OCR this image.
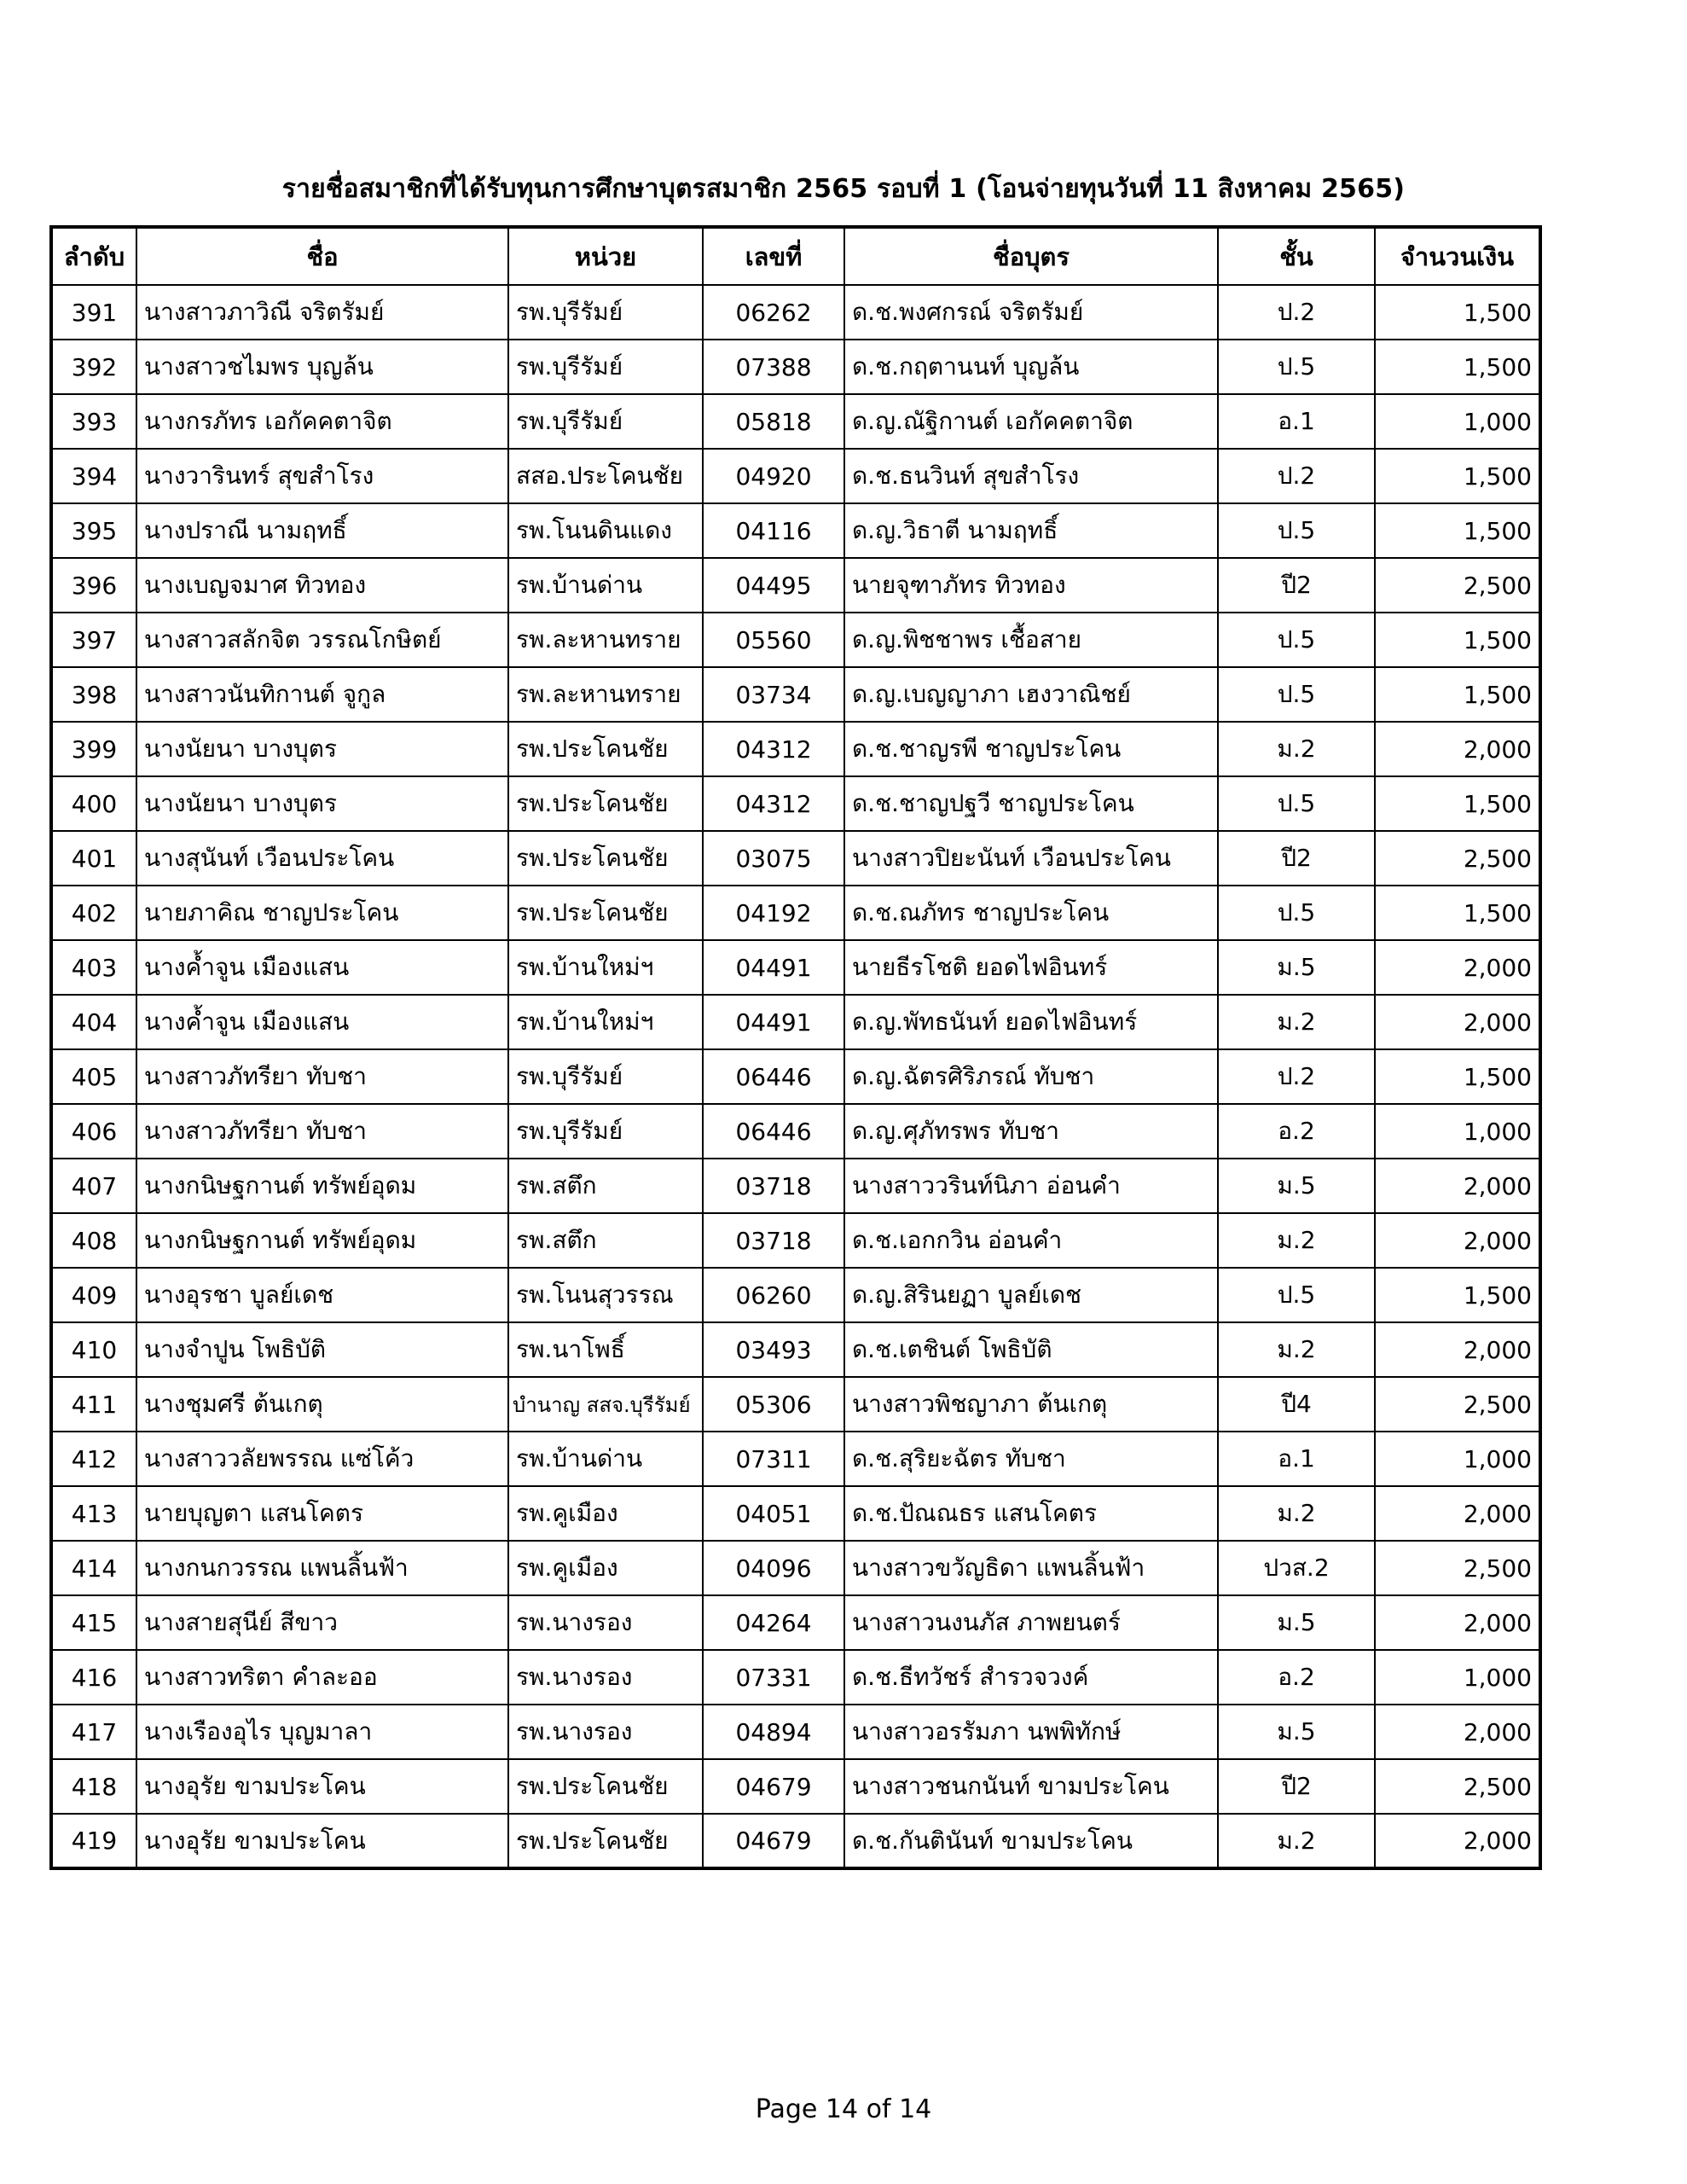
รายชื่อสมาชิกที่ได้รับทุนการศึกษาบุตรสมาชิก 2565 รอบที่ 1 (โอนจ่ายทุนวันที่ 11 สิงหาคม 2565)
ลำดับ	ชื่อ	หน่วย	เลขที่	ชื่อบุตร	ชั้น	จำนวนเงิน
391	นางสาวภาวิณี จริตรัมย์	รพ.บุรีรัมย์	06262	ด.ช.พงศกรณ์ จริตรัมย์	ป.2	1,500
392	นางสาวชไมพร บุญล้น	รพ.บุรีรัมย์	07388	ด.ช.กฤตานนท์ บุญล้น	ป.5	1,500
393	นางกรภัทร เอกัคคตาจิต	รพ.บุรีรัมย์	05818	ด.ญ.ณัฐิกานต์ เอกัคคตาจิต	อ.1	1,000
394	นางวารินทร์ สุขสำโรง	สสอ.ประโคนชัย	04920	ด.ช.ธนวินท์ สุขสำโรง	ป.2	1,500
395	นางปราณี นามฤทธิ์	รพ.โนนดินแดง	04116	ด.ญ.วิธาตี นามฤทธิ์	ป.5	1,500
396	นางเบญจมาศ ทิวทอง	รพ.บ้านด่าน	04495	นายจุฑาภัทร ทิวทอง	ปี2	2,500
397	นางสาวสลักจิต วรรณโกษิตย์	รพ.ละหานทราย	05560	ด.ญ.พิชชาพร เชื้อสาย	ป.5	1,500
398	นางสาวนันทิกานต์ จูกูล	รพ.ละหานทราย	03734	ด.ญ.เบญญาภา เฮงวาณิชย์	ป.5	1,500
399	นางนัยนา บางบุตร	รพ.ประโคนชัย	04312	ด.ช.ชาญรพี ชาญประโคน	ม.2	2,000
400	นางนัยนา บางบุตร	รพ.ประโคนชัย	04312	ด.ช.ชาญปฐวี ชาญประโคน	ป.5	1,500
401	นางสุนันท์ เวือนประโคน	รพ.ประโคนชัย	03075	นางสาวปิยะนันท์ เวือนประโคน	ปี2	2,500
402	นายภาคิณ ชาญประโคน	รพ.ประโคนชัย	04192	ด.ช.ณภัทร ชาญประโคน	ป.5	1,500
403	นางค้ำจูน เมืองแสน	รพ.บ้านใหม่ฯ	04491	นายธีรโชติ ยอดไฟอินทร์	ม.5	2,000
404	นางค้ำจูน เมืองแสน	รพ.บ้านใหม่ฯ	04491	ด.ญ.พัทธนันท์ ยอดไฟอินทร์	ม.2	2,000
405	นางสาวภัทรียา ทับชา	รพ.บุรีรัมย์	06446	ด.ญ.ฉัตรศิริภรณ์ ทับชา	ป.2	1,500
406	นางสาวภัทรียา ทับชา	รพ.บุรีรัมย์	06446	ด.ญ.ศุภัทรพร ทับชา	อ.2	1,000
407	นางกนิษฐกานต์ ทรัพย์อุดม	รพ.สตึก	03718	นางสาววรินท์นิภา อ่อนคำ	ม.5	2,000
408	นางกนิษฐกานต์ ทรัพย์อุดม	รพ.สตึก	03718	ด.ช.เอกกวิน อ่อนคำ	ม.2	2,000
409	นางอุรชา บูลย์เดช	รพ.โนนสุวรรณ	06260	ด.ญ.สิรินยฏา บูลย์เดช	ป.5	1,500
410	นางจำปูน โพธิบัติ	รพ.นาโพธิ์	03493	ด.ช.เตชินต์ โพธิบัติ	ม.2	2,000
411	นางชุมศรี ต้นเกตุ	บำนาญ สสจ.บุรีรัมย์	05306	นางสาวพิชญาภา ต้นเกตุ	ปี4	2,500
412	นางสาววลัยพรรณ แซ่โค้ว	รพ.บ้านด่าน	07311	ด.ช.สุริยะฉัตร ทับชา	อ.1	1,000
413	นายบุญตา แสนโคตร	รพ.คูเมือง	04051	ด.ช.ปัณณธร แสนโคตร	ม.2	2,000
414	นางกนกวรรณ แพนลิ้นฟ้า	รพ.คูเมือง	04096	นางสาวขวัญธิดา แพนลิ้นฟ้า	ปวส.2	2,500
415	นางสายสุนีย์ สีขาว	รพ.นางรอง	04264	นางสาวนงนภัส ภาพยนตร์	ม.5	2,000
416	นางสาวทริตา คำละออ	รพ.นางรอง	07331	ด.ช.ธีทวัชร์ สำรวจวงค์	อ.2	1,000
417	นางเรืองอุไร บุญมาลา	รพ.นางรอง	04894	นางสาวอรรัมภา นพพิทักษ์	ม.5	2,000
418	นางอุรัย ขามประโคน	รพ.ประโคนชัย	04679	นางสาวชนกนันท์ ขามประโคน	ปี2	2,500
419	นางอุรัย ขามประโคน	รพ.ประโคนชัย	04679	ด.ช.กันตินันท์ ขามประโคน	ม.2	2,000
Page 14 of 14
